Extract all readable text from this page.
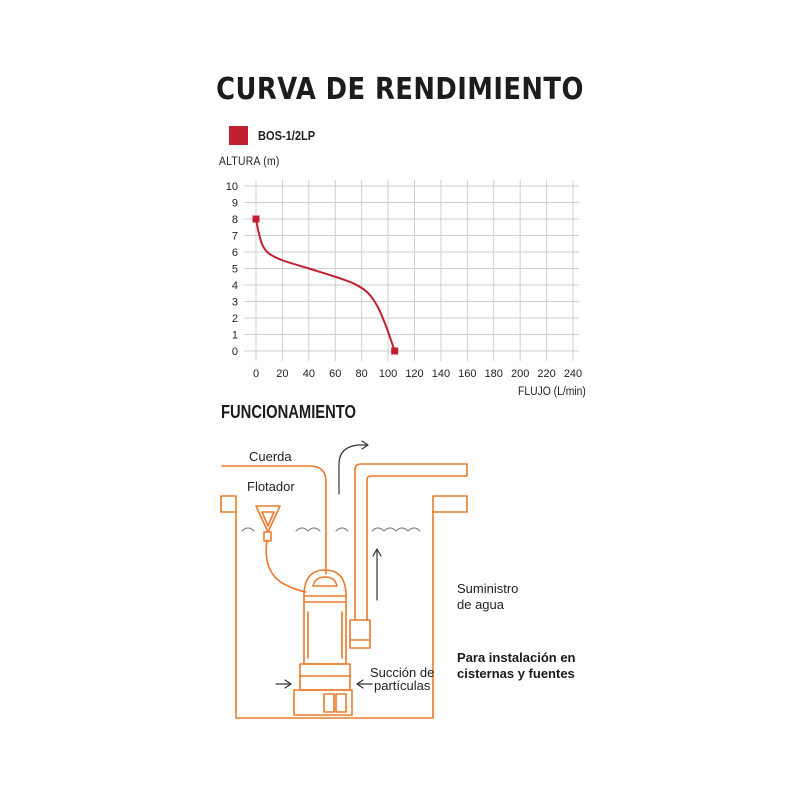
CURVA DE RENDIMIENTO
0
1
2
3
4
5
6
7
8
9
10
0 20 40 60 80 100 120 140 160 180 200 220 240
Cuerda
Flotador
Suministro
de agua
Succión de
partículas
Para instalación en
cisternas y fuentes
BOS-1/2LP
ALTURA (m)
FLUJO (L/min)
FUNCIONAMIENTO
